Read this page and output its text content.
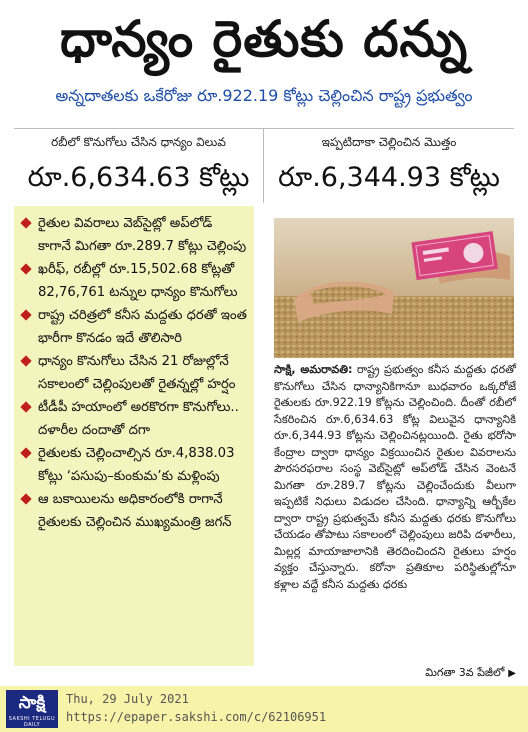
ధాన్యం రైతుకు దన్ను
అన్నదాతలకు ఒకేరోజు రూ.922.19 కోట్లు చెల్లించిన రాష్ట్ర ప్రభుత్వం
రబీలో కొనుగోలు చేసిన ధాన్యం విలువ
రూ.6,634.63 కోట్లు
ఇప్పటిదాకా చెల్లించిన మొత్తం
రూ.6,344.93 కోట్లు
రైతుల వివరాలు వెబ్‌సైట్లో అప్‌లోడ్ కాగానే మిగతా రూ.289.7 కోట్లు చెల్లింపు
ఖరీఫ్, రబీల్లో రూ.15,502.68 కోట్లతో 82,76,761 టన్నుల ధాన్యం కొనుగోలు
రాష్ట్ర చరిత్రలో కనీస మద్దతు ధరతో ఇంత భారీగా కొనడం ఇదే తొలిసారి
ధాన్యం కొనుగోలు చేసిన 21 రోజుల్లోనే సకాలంలో చెల్లింపులతో రైతన్నల్లో హర్షం
టీడీపీ హయాంలో అరకొరగా కొనుగోలు.. దళారీల దందాతో దగా
రైతులకు చెల్లించాల్సిన రూ.4,838.03 కోట్లు ‘పసుపు–కుంకుమ’కు మళ్లింపు
ఆ బకాయిలను అధికారంలోకి రాగానే రైతులకు చెల్లించిన ముఖ్యమంత్రి జగన్
సాక్షి, అమరావతి: రాష్ట్ర ప్రభుత్వం కనీస మద్దతు ధరతో కొనుగోలు చేసిన ధాన్యానికిగానూ బుధవారం ఒక్కరోజే రైతులకు రూ.922.19 కోట్లను చెల్లించింది. దీంతో రబీలో సేకరించిన రూ.6,634.63 కోట్ల విలువైన ధాన్యానికి రూ.6,344.93 కోట్లను చెల్లించినట్లయింది. రైతు భరోసా కేంద్రాల ద్వారా ధాన్యం విక్రయించిన రైతుల వివరాలను పౌరసరఫరాల సంస్థ వెబ్‌సైట్లో అప్‌లోడ్ చేసిన వెంటనే మిగతా రూ.289.7 కోట్లను చెల్లించేందుకు వీలుగా ఇప్పటికే నిధులు విడుదల చేసింది. ధాన్యాన్ని ఆర్బీకేల ద్వారా రాష్ట్ర ప్రభుత్వమే కనీస మద్దతు ధరకు కొనుగోలు చేయడం తోపాటు సకాలంలో చెల్లింపులు జరిపి దళారీలు, మిల్లర్ల మాయాజాలానికి తెరదించిందని రైతులు హర్షం వ్యక్తం చేస్తున్నారు. కరోనా ప్రతికూల పరిస్థితుల్లోనూ కళ్లాల వద్దే కనీస మద్దతు ధరకు
మిగతా 3వ పేజీలో ▶
సాక్షి
SAKSHI TELUGU DAILY
Thu, 29 July 2021
https://epaper.sakshi.com/c/62106951
